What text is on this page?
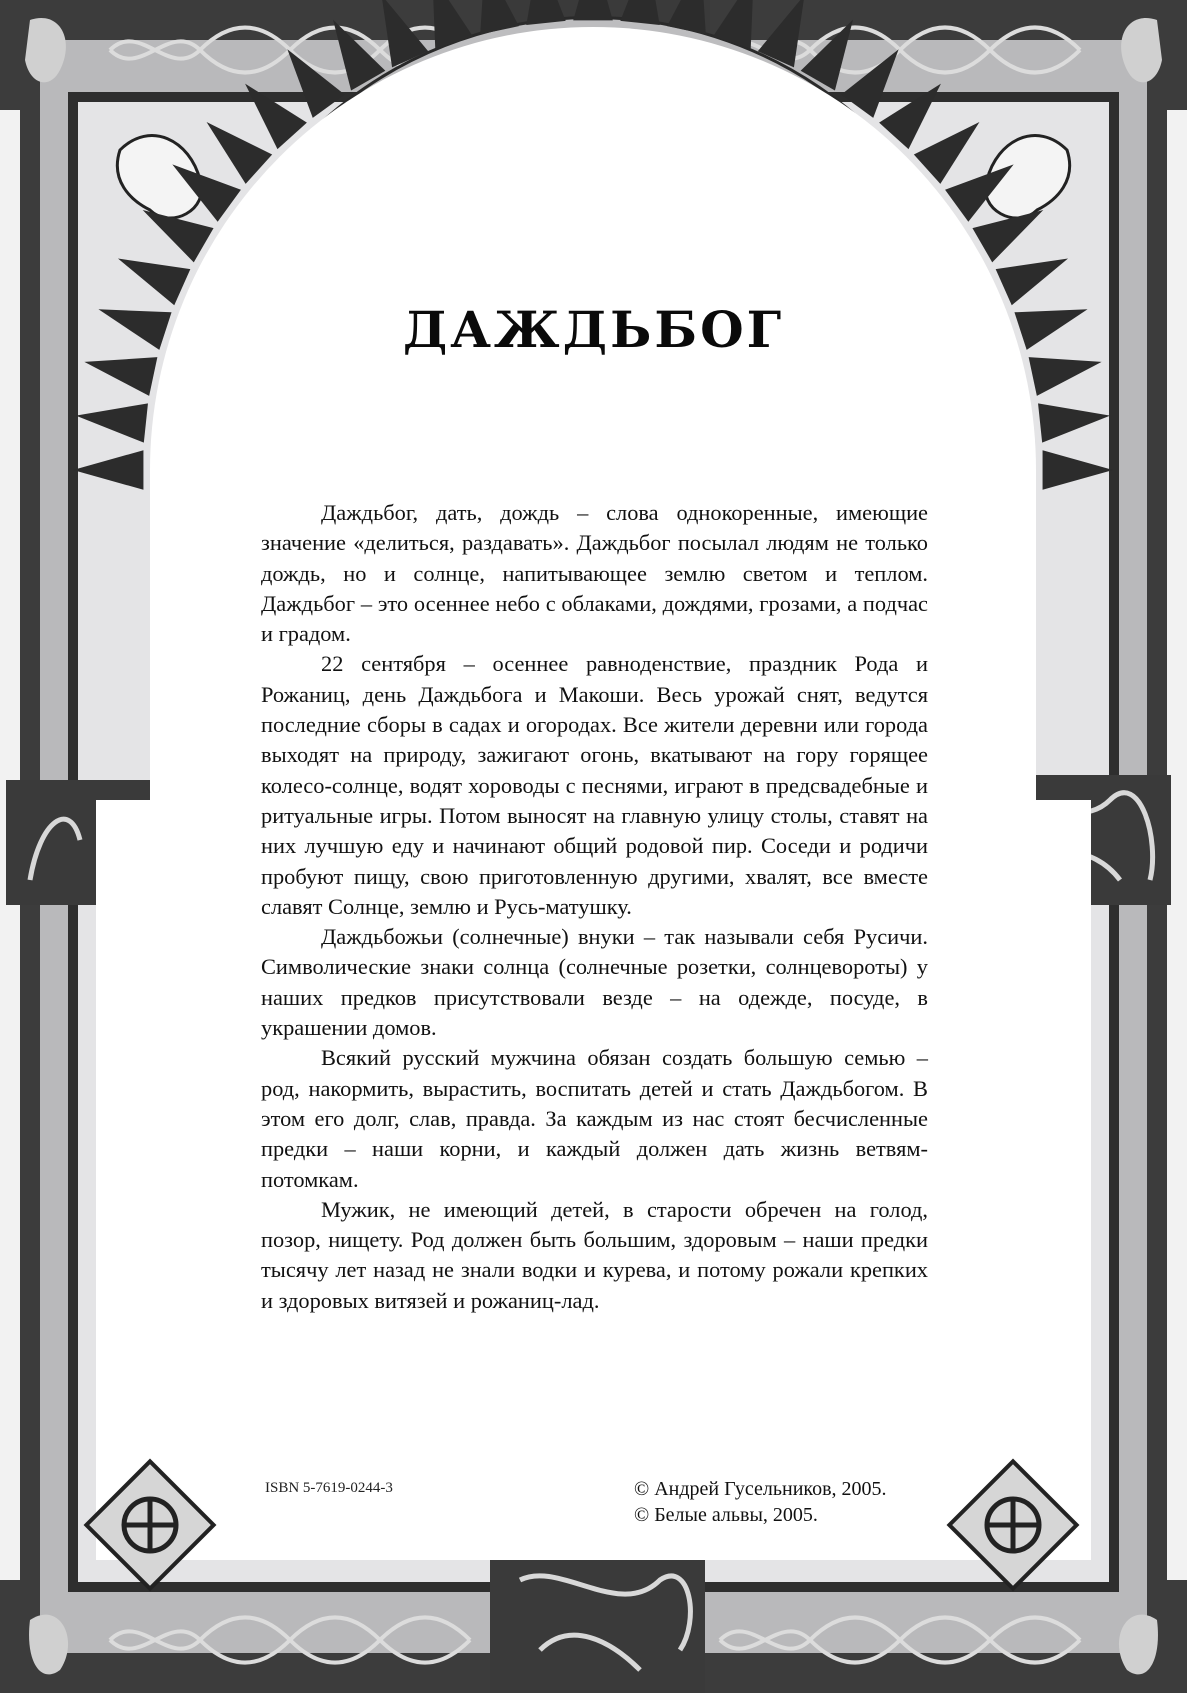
ДАЖДЬБОГ

Даждьбог, дать, дождь – слова однокоренные, имеющие значение «делиться, раздавать». Даждьбог посылал людям не только дождь, но и солнце, напитывающее землю светом и теплом. Даждьбог – это осеннее небо с облаками, дождями, грозами, а подчас и градом.

22 сентября – осеннее равноденствие, праздник Рода и Рожаниц, день Даждьбога и Макоши. Весь урожай снят, ведутся последние сборы в садах и огородах. Все жители деревни или города выходят на природу, зажигают огонь, вкатывают на гору горящее колесо-солнце, водят хороводы с песнями, играют в предсвадебные и ритуальные игры. Потом выносят на главную улицу столы, ставят на них лучшую еду и начинают общий родовой пир. Соседи и родичи пробуют пищу, свою приготовленную другими, хвалят, все вместе славят Солнце, землю и Русь-матушку.

Даждьбожьи (солнечные) внуки – так называли себя Русичи. Символические знаки солнца (солнечные розетки, солнцевороты) у наших предков присутствовали везде – на одежде, посуде, в украшении домов.

Всякий русский мужчина обязан создать большую семью – род, накормить, вырастить, воспитать детей и стать Даждьбогом. В этом его долг, слав, правда. За каждым из нас стоят бесчисленные предки – наши корни, и каждый должен дать жизнь ветвям-потомкам.

Мужик, не имеющий детей, в старости обречен на голод, позор, нищету. Род должен быть большим, здоровым – наши предки тысячу лет назад не знали водки и курева, и потому рожали крепких и здоровых витязей и рожаниц-лад.

ISBN 5-7619-0244-3	© Андрей Гусельников, 2005.
© Белые альвы, 2005.
